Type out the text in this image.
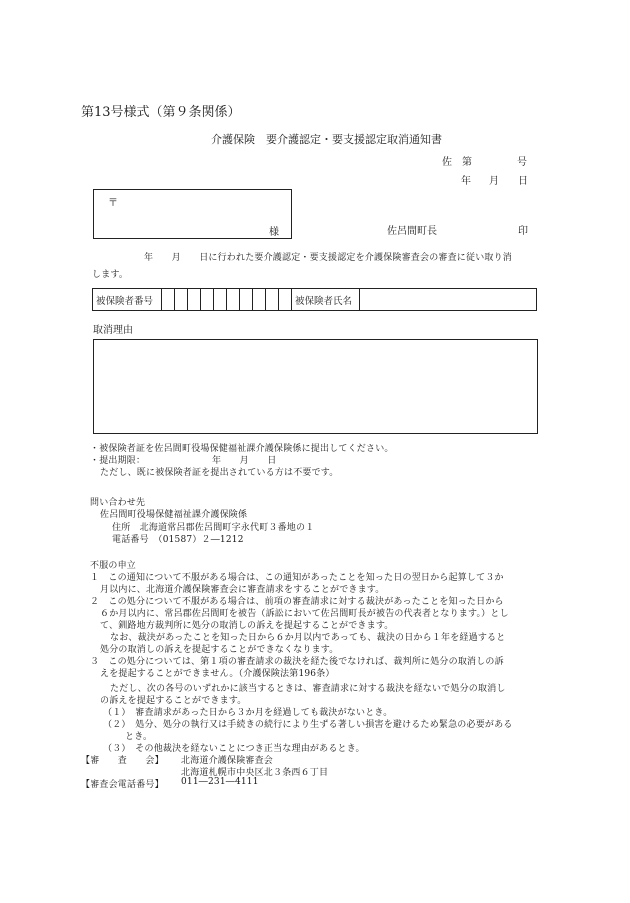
第13号様式（第９条関係）
介護保険　要介護認定・要支援認定取消通知書
佐　第	号
年 月 日
〒
様	佐呂間町長	印
年　　月　　日に行われた要介護認定・要支援認定を介護保険審査会の審査に従い取り消
します。
被保険者番号	被保険者氏名
取消理由
・被保険者証を佐呂間町役場保健福祉課介護保険係に提出してください。
・提出期限：	年　　月　　日
ただし、既に被保険者証を提出されている方は不要です。
問い合わせ先
佐呂間町役場保健福祉課介護保険係
住所　北海道常呂郡佐呂間町字永代町３番地の１
電話番号　（01587）２―1212
不服の申立
１　この通知について不服がある場合は、この通知があったことを知った日の翌日から起算して３か
月以内に、北海道介護保険審査会に審査請求をすることができます。
２　この処分について不服がある場合は、前項の審査請求に対する裁決があったことを知った日から
６か月以内に、常呂郡佐呂間町を被告（訴訟において佐呂間町長が被告の代表者となります。）とし
て、釧路地方裁判所に処分の取消しの訴えを提起することができます。
なお、裁決があったことを知った日から６か月以内であっても、裁決の日から１年を経過すると
処分の取消しの訴えを提起することができなくなります。
３　この処分については、第１項の審査請求の裁決を経た後でなければ、裁判所に処分の取消しの訴
えを提起することができません。（介護保険法第196条）
ただし、次の各号のいずれかに該当するときは、審査請求に対する裁決を経ないで処分の取消し
の訴えを提起することができます。
（１）　審査請求があった日から３か月を経過しても裁決がないとき。
（２）　処分、処分の執行又は手続きの続行により生ずる著しい損害を避けるため緊急の必要がある
とき。
（３）　その他裁決を経ないことにつき正当な理由があるとき。
【審　　査　　会】 北海道介護保険審査会
北海道札幌市中央区北３条西６丁目
【審査会電話番号】 011―231―4111
